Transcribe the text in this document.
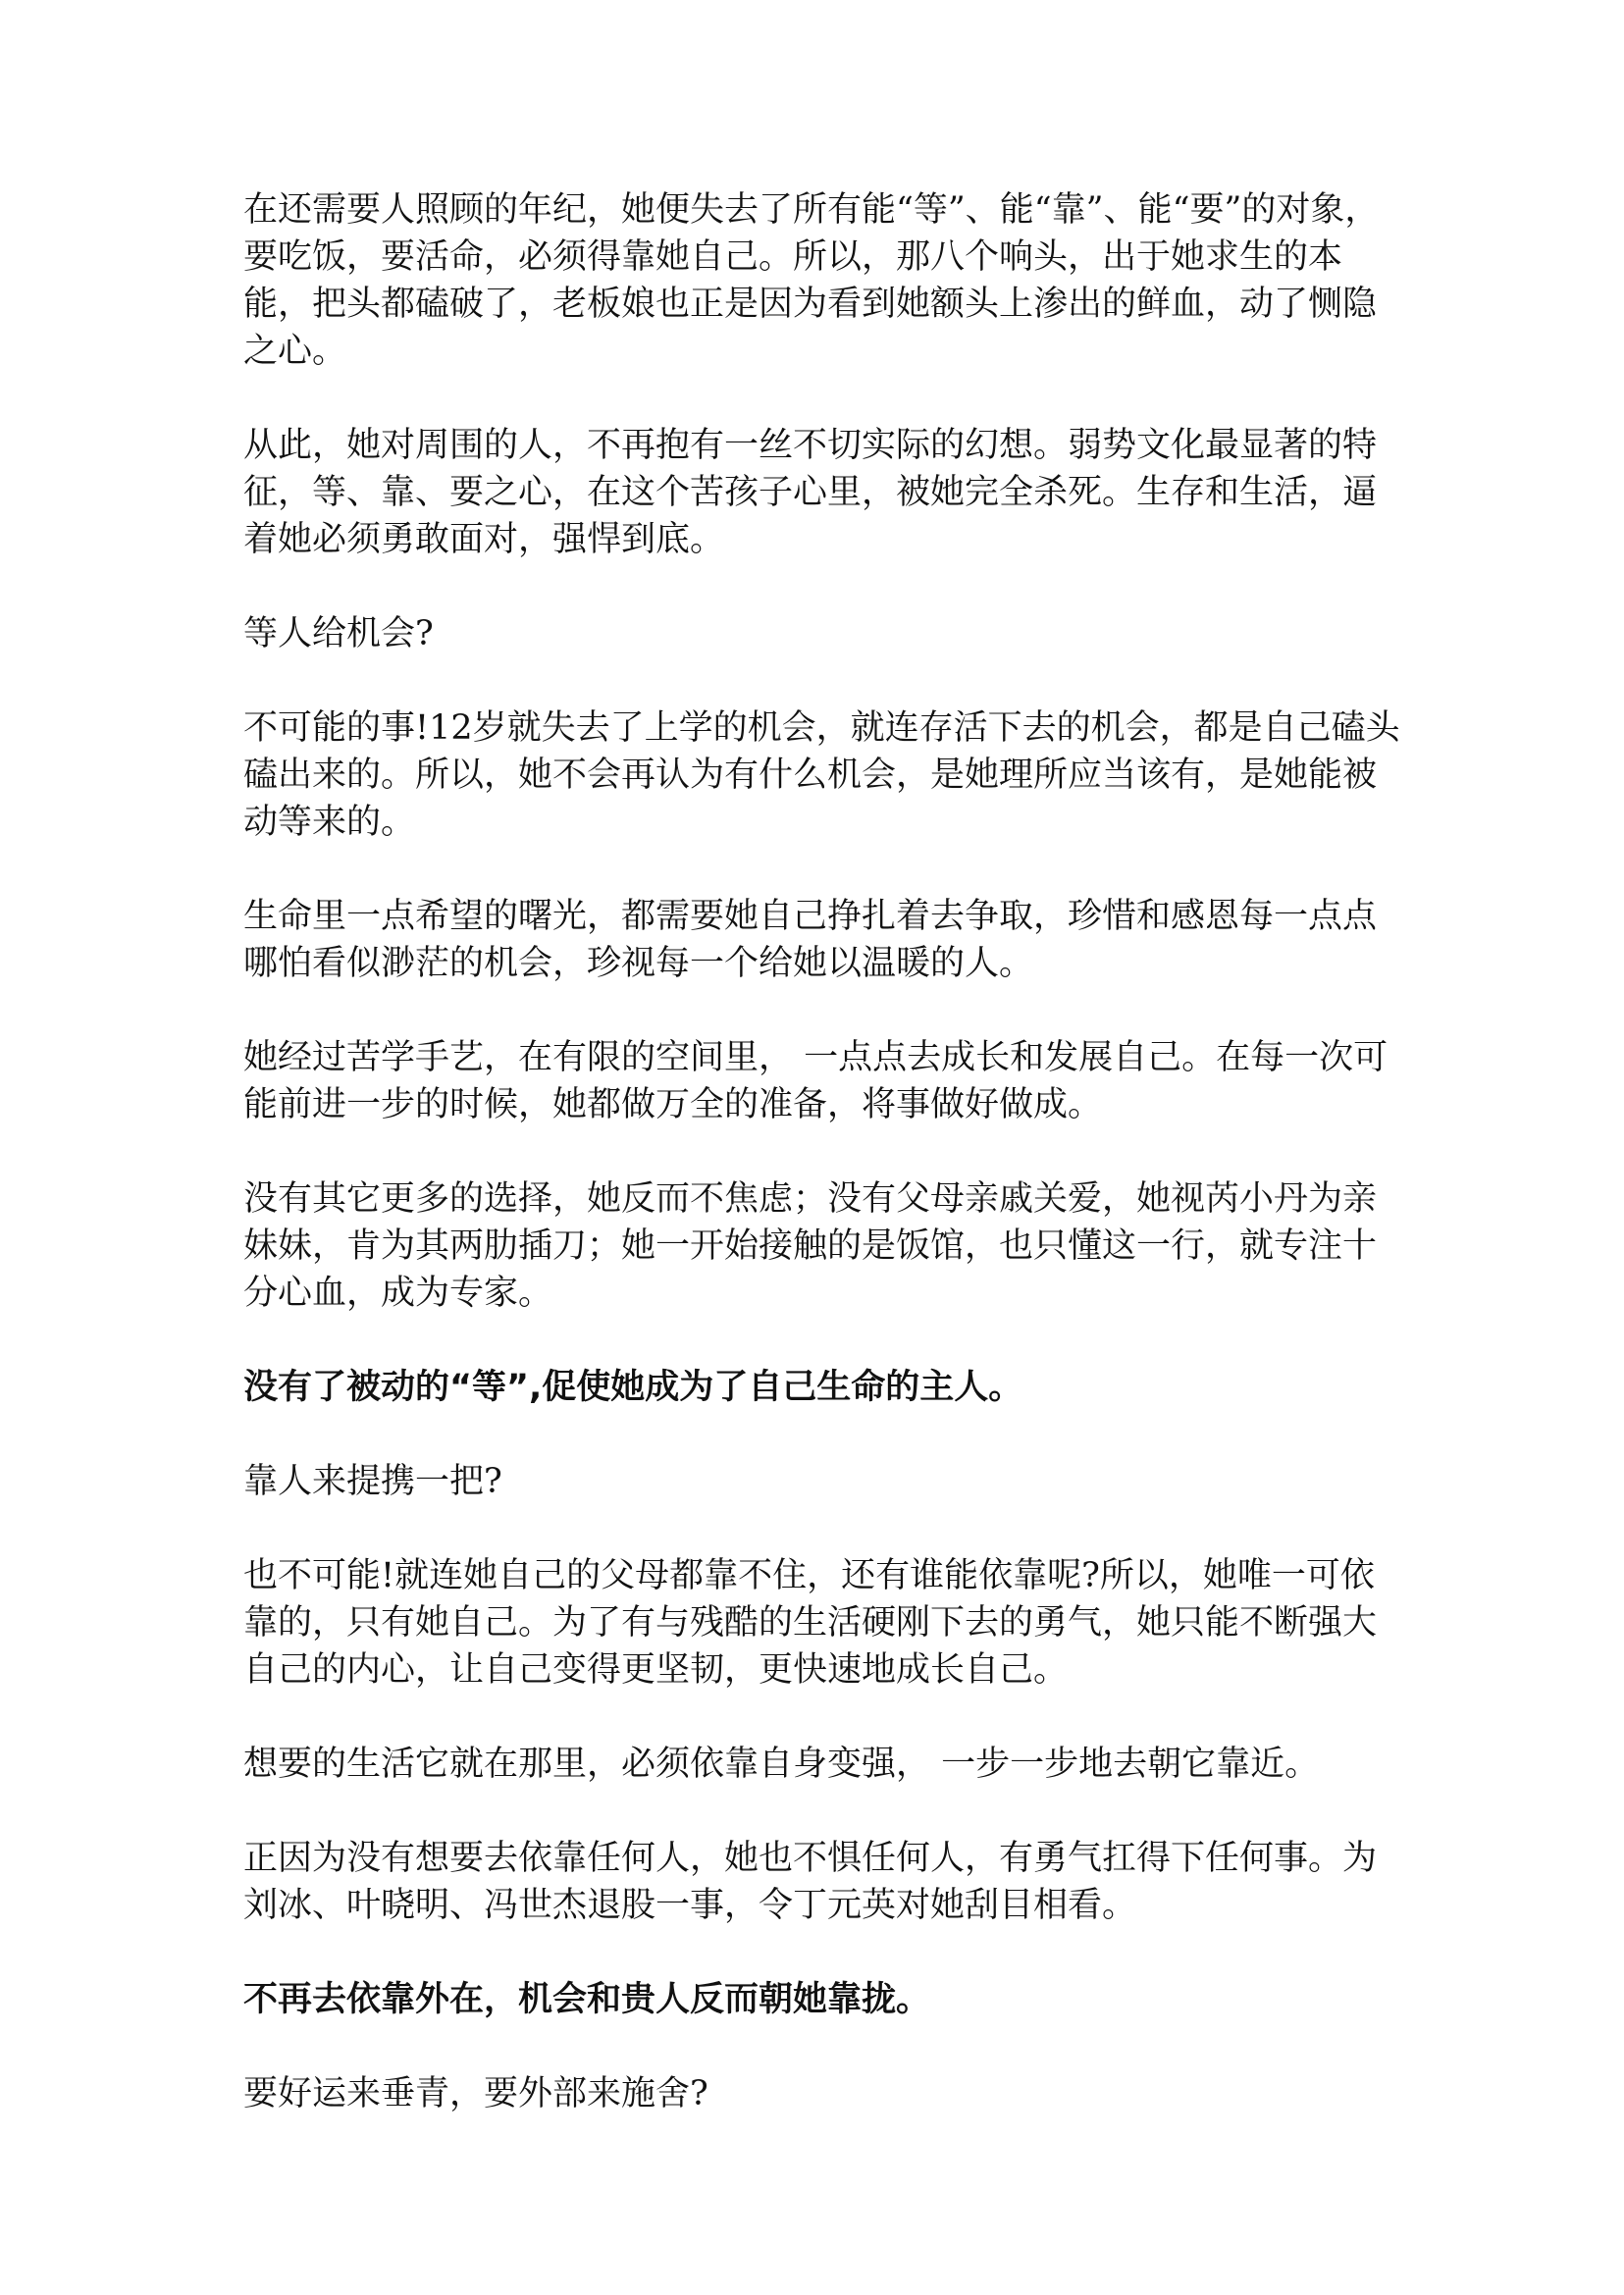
在还需要人照顾的年纪，她便失去了所有能“等”、能“靠”、能“要”的对象，要吃饭，要活命，必须得靠她自己。所以，那八个响头，出于她求生的本能，把头都磕破了，老板娘也正是因为看到她额头上渗出的鲜血，动了恻隐之心。

从此，她对周围的人，不再抱有一丝不切实际的幻想。弱势文化最显著的特征，等、靠、要之心，在这个苦孩子心里，被她完全杀死。生存和生活，逼着她必须勇敢面对，强悍到底。

等人给机会?

不可能的事!12岁就失去了上学的机会，就连存活下去的机会，都是自己磕头磕出来的。所以，她不会再认为有什么机会，是她理所应当该有，是她能被动等来的。

生命里一点希望的曙光，都需要她自己挣扎着去争取，珍惜和感恩每一点点哪怕看似渺茫的机会，珍视每一个给她以温暖的人。

她经过苦学手艺，在有限的空间里， 一点点去成长和发展自己。在每一次可能前进一步的时候，她都做万全的准备，将事做好做成。

没有其它更多的选择，她反而不焦虑；没有父母亲戚关爱，她视芮小丹为亲妹妹，肯为其两肋插刀；她一开始接触的是饭馆，也只懂这一行，就专注十分心血，成为专家。

没有了被动的“等”,促使她成为了自己生命的主人。

靠人来提携一把?

也不可能!就连她自己的父母都靠不住，还有谁能依靠呢?所以，她唯一可依靠的，只有她自己。为了有与残酷的生活硬刚下去的勇气，她只能不断强大自己的内心，让自己变得更坚韧，更快速地成长自己。

想要的生活它就在那里，必须依靠自身变强， 一步一步地去朝它靠近。

正因为没有想要去依靠任何人，她也不惧任何人，有勇气扛得下任何事。为刘冰、叶晓明、冯世杰退股一事，令丁元英对她刮目相看。

不再去依靠外在，机会和贵人反而朝她靠拢。

要好运来垂青，要外部来施舍?
